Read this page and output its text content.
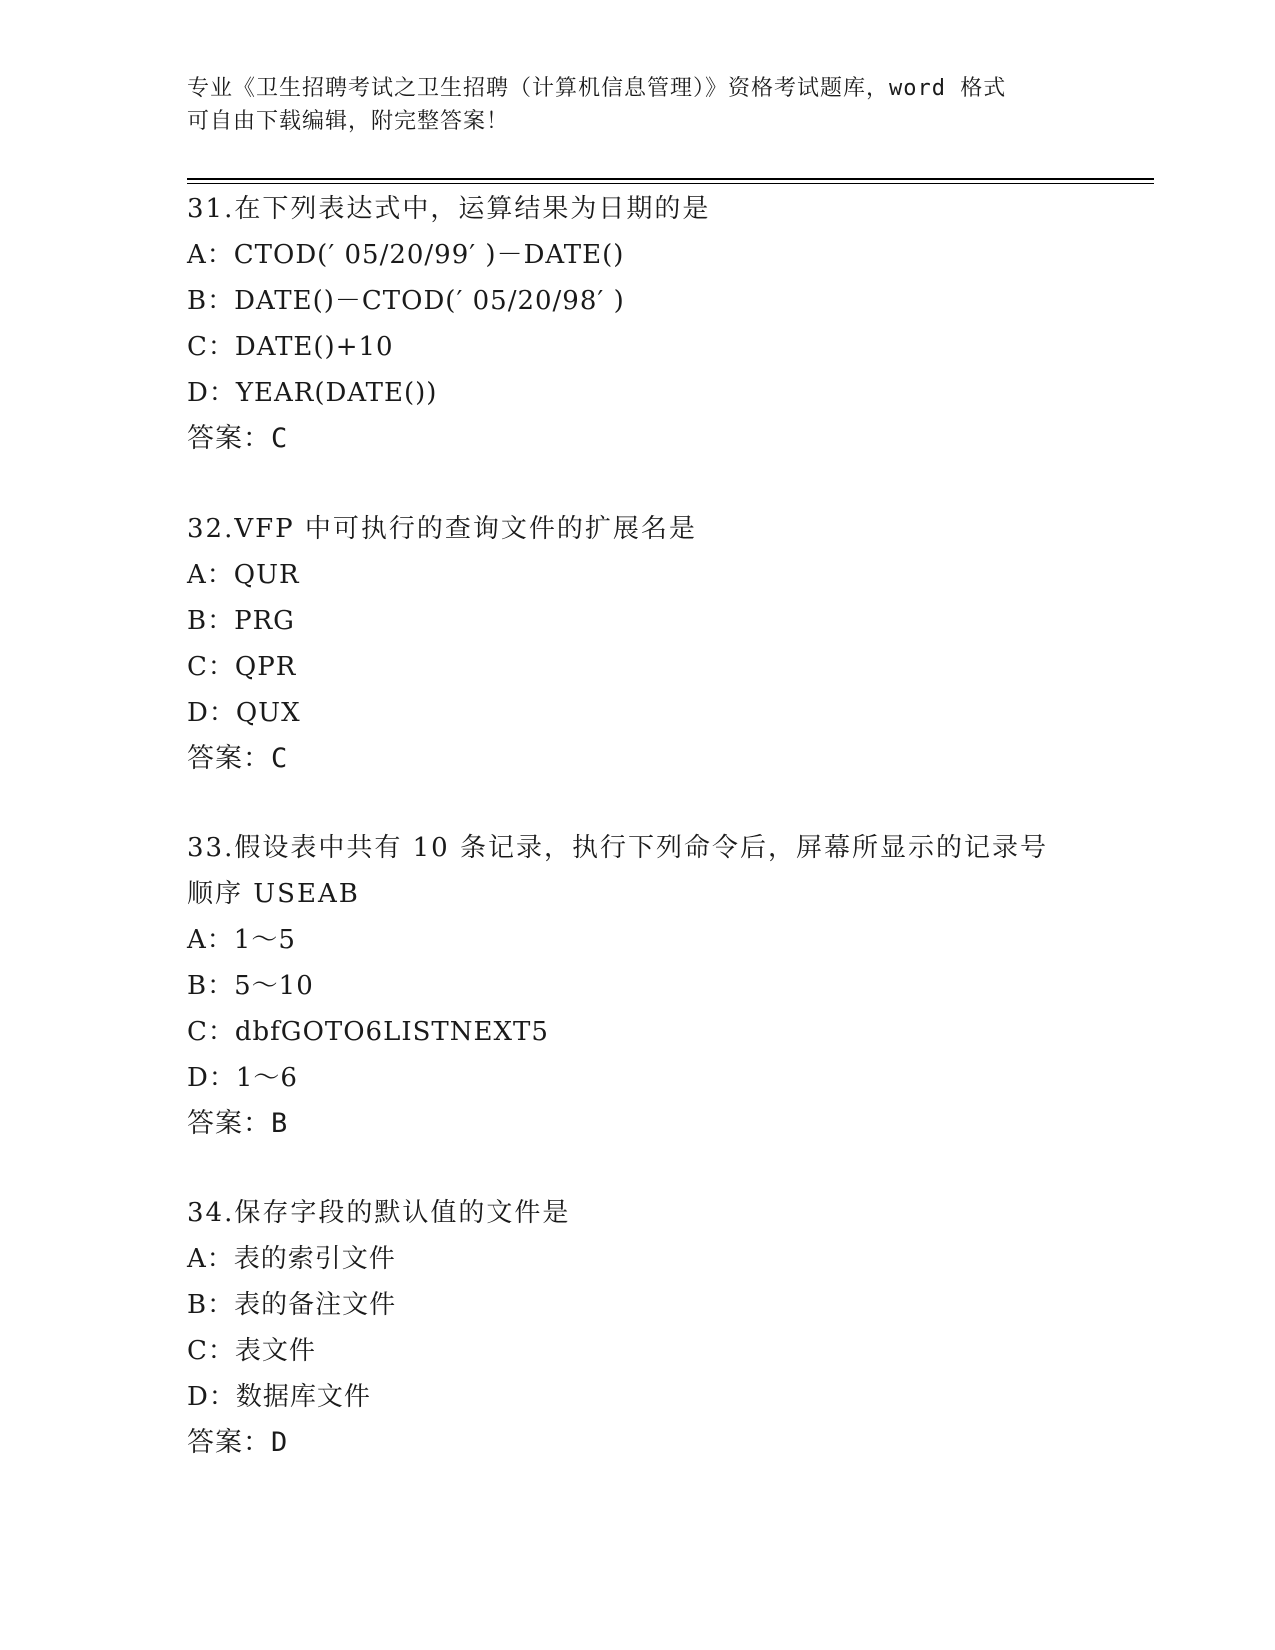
专业《卫生招聘考试之卫生招聘（计算机信息管理）》资格考试题库，word 格式
可自由下载编辑，附完整答案！
31.在下列表达式中，运算结果为日期的是
A：CTOD(′ 05/20/99′ )－DATE()
B：DATE()－CTOD(′ 05/20/98′ )
C：DATE()+10
D：YEAR(DATE())
答案：C
32.VFP 中可执行的查询文件的扩展名是
A：QUR
B：PRG
C：QPR
D：QUX
答案：C
33.假设表中共有 10 条记录，执行下列命令后，屏幕所显示的记录号
顺序 USEAB
A：1～5
B：5～10
C：dbfGOTO6LISTNEXT5
D：1～6
答案：B
34.保存字段的默认值的文件是
A：表的索引文件
B：表的备注文件
C：表文件
D：数据库文件
答案：D
